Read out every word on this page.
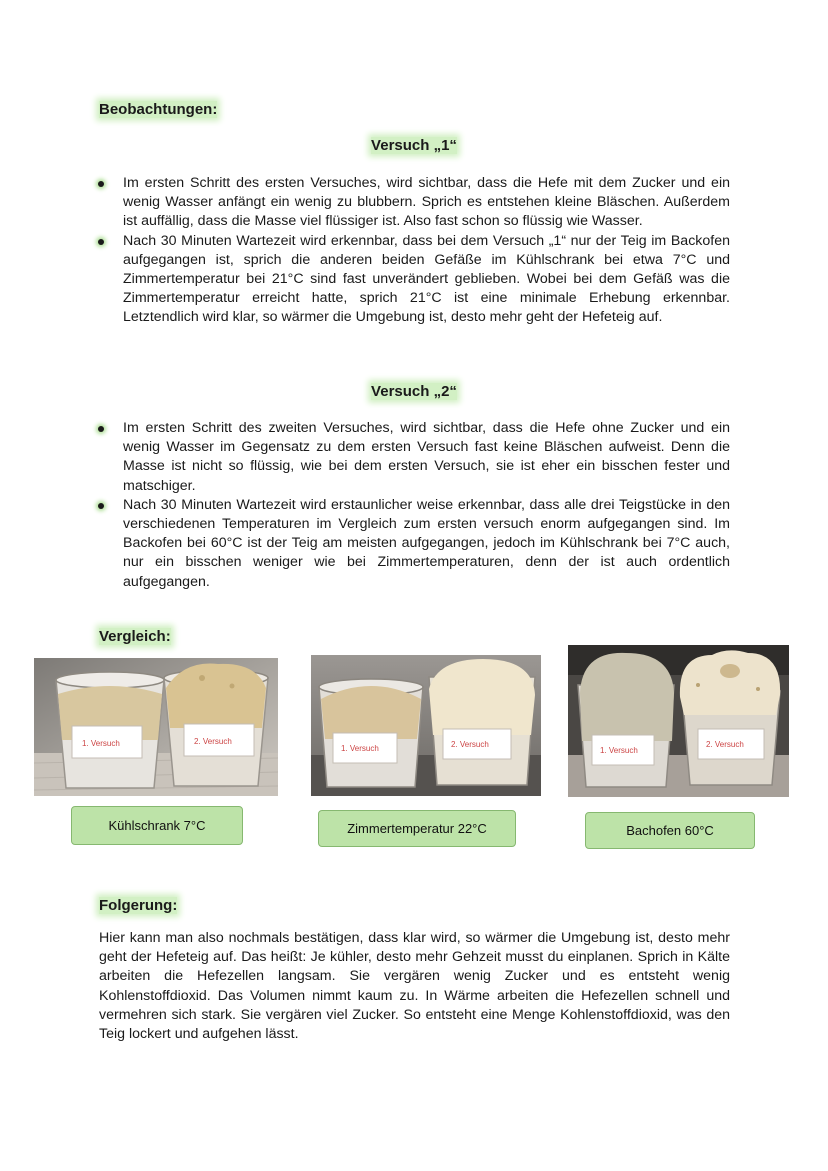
Beobachtungen:
Versuch „1“
Im ersten Schritt des ersten Versuches, wird sichtbar, dass die Hefe mit dem Zucker und ein wenig Wasser anfängt ein wenig zu blubbern. Sprich es entstehen kleine Bläschen. Außerdem ist auffällig, dass die Masse viel flüssiger ist. Also fast schon so flüssig wie Wasser.
Nach 30 Minuten Wartezeit wird erkennbar, dass bei dem Versuch „1“ nur der Teig im Backofen aufgegangen ist, sprich die anderen beiden Gefäße im Kühlschrank bei etwa 7°C und Zimmertemperatur bei 21°C sind fast unverändert geblieben. Wobei bei dem Gefäß was die Zimmertemperatur erreicht hatte, sprich 21°C ist eine minimale Erhebung erkennbar. Letztendlich wird klar, so wärmer die Umgebung ist, desto mehr geht der Hefeteig auf.
Versuch „2“
Im ersten Schritt des zweiten Versuches, wird sichtbar, dass die Hefe ohne Zucker und ein wenig Wasser im Gegensatz zu dem ersten Versuch fast keine Bläschen aufweist. Denn die Masse ist nicht so flüssig, wie bei dem ersten Versuch, sie ist eher ein bisschen fester und matschiger.
Nach 30 Minuten Wartezeit wird erstaunlicher weise erkennbar, dass alle drei Teigstücke in den verschiedenen Temperaturen im Vergleich zum ersten versuch enorm aufgegangen sind. Im Backofen bei 60°C ist der Teig am meisten aufgegangen, jedoch im Kühlschrank bei 7°C auch, nur ein bisschen weniger wie bei Zimmertemperaturen, denn der ist auch ordentlich aufgegangen.
Vergleich:
1. Versuch	2. Versuch
1. Versuch	2. Versuch
1. Versuch
2. Versuch
Kühlschrank 7°C	Zimmertemperatur 22°C	Bachofen 60°C
Folgerung:

Hier kann man also nochmals bestätigen, dass klar wird, so wärmer die Umgebung ist, desto mehr geht der Hefeteig auf. Das heißt: Je kühler, desto mehr Gehzeit musst du einplanen. Sprich in Kälte arbeiten die Hefezellen langsam. Sie vergären wenig Zucker und es entsteht wenig Kohlenstoffdioxid. Das Volumen nimmt kaum zu. In Wärme arbeiten die Hefezellen schnell und vermehren sich stark. Sie vergären viel Zucker. So entsteht eine Menge Kohlenstoffdioxid, was den Teig lockert und aufgehen lässt.
